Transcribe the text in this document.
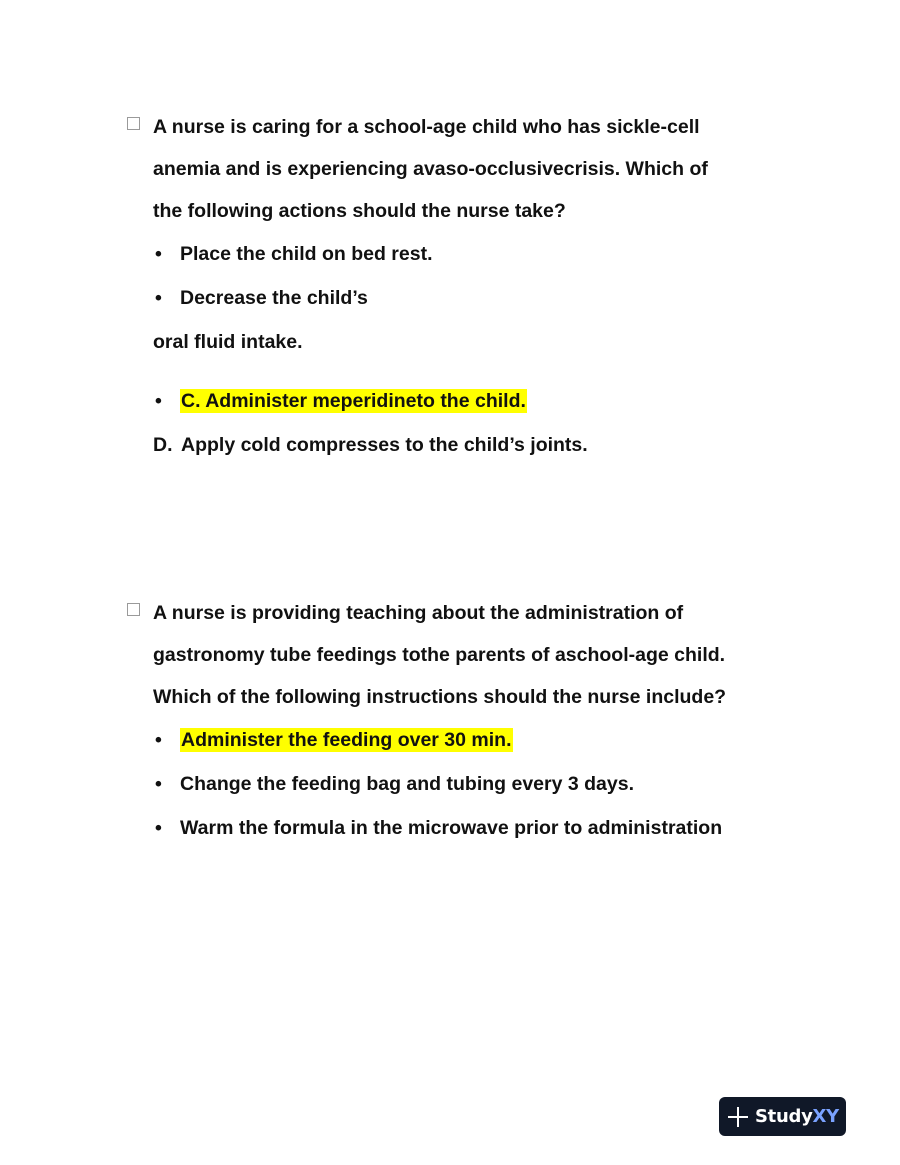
A nurse is caring for a school-age child who has sickle-cell
anemia and is experiencing avaso-occlusivecrisis. Which of
the following actions should the nurse take?
• Place the child on bed rest.
• Decrease the child’s
oral fluid intake.
• C. Administer meperidineto the child.
D. Apply cold compresses to the child’s joints.
A nurse is providing teaching about the administration of
gastronomy tube feedings tothe parents of aschool-age child.
Which of the following instructions should the nurse include?
• Administer the feeding over 30 min.
• Change the feeding bag and tubing every 3 days.
• Warm the formula in the microwave prior to administration
StudyXY
